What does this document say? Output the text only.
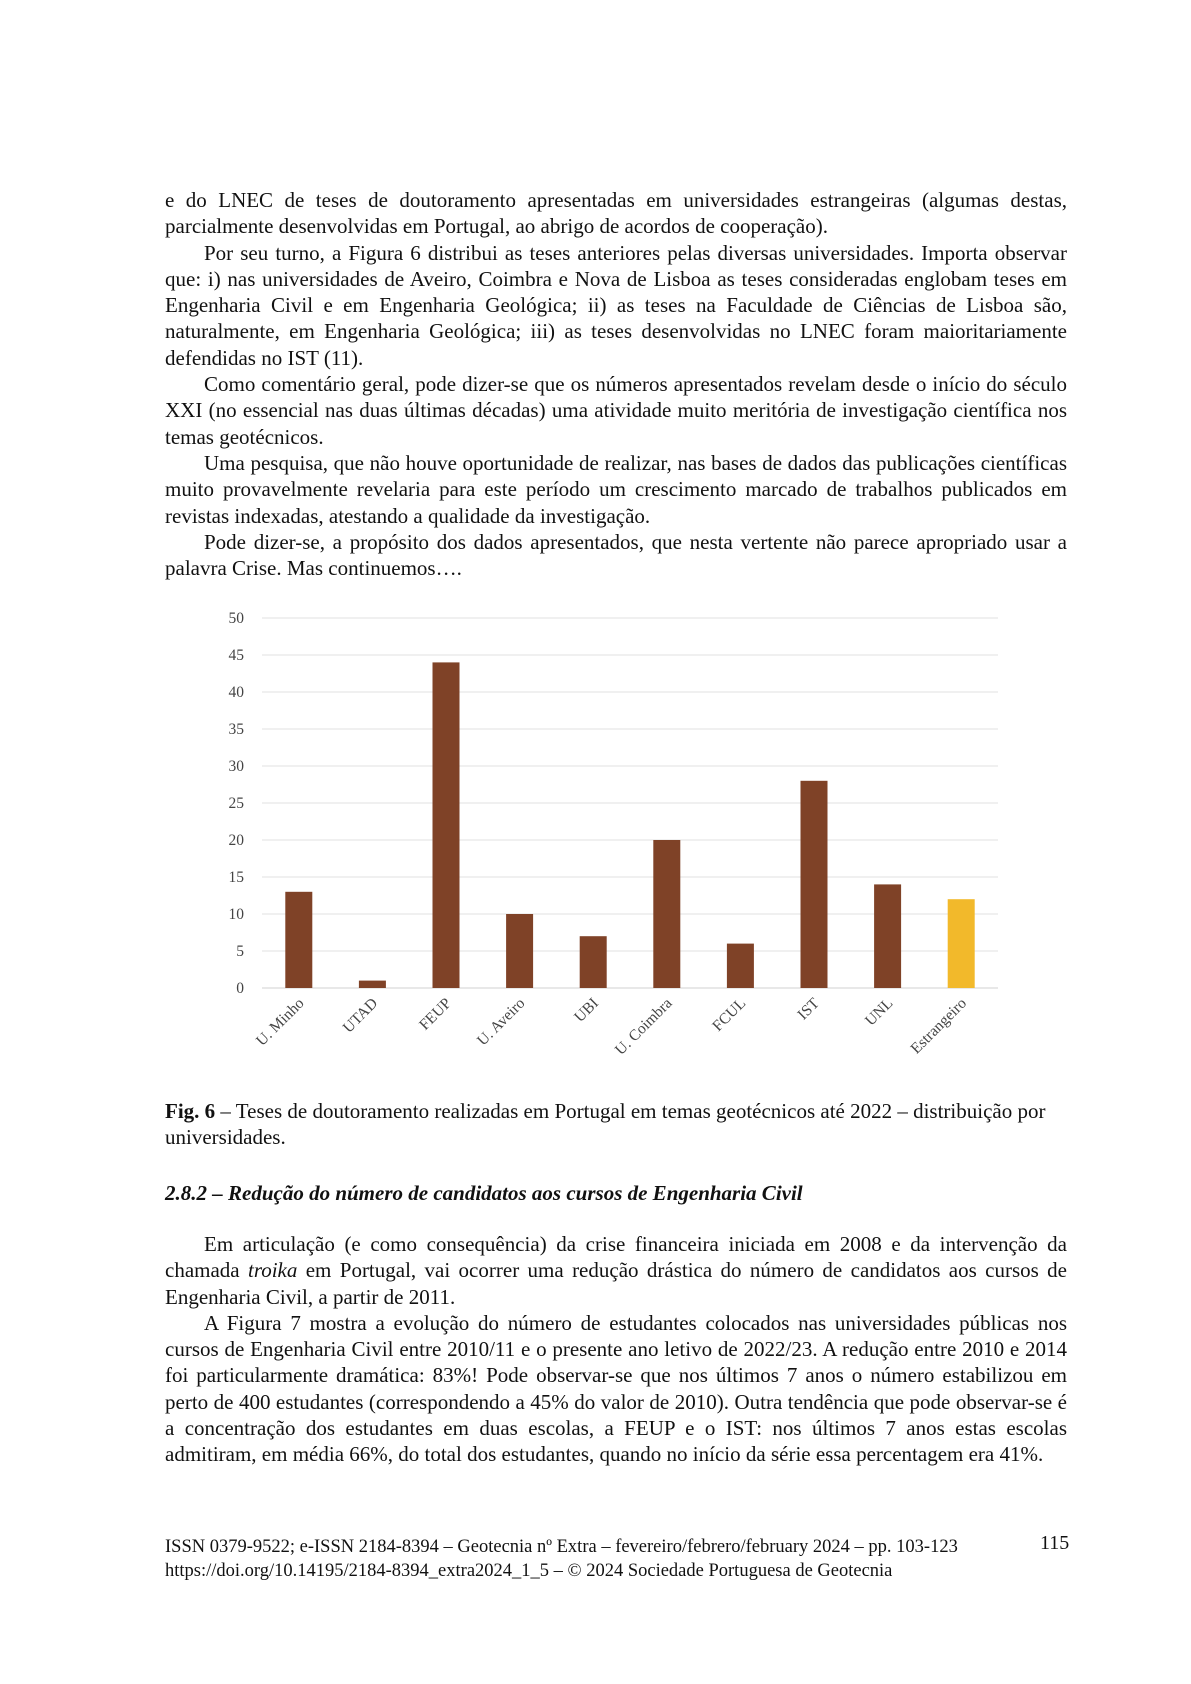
e do LNEC de teses de doutoramento apresentadas em universidades estrangeiras (algumas destas, parcialmente desenvolvidas em Portugal, ao abrigo de acordos de cooperação).

Por seu turno, a Figura 6 distribui as teses anteriores pelas diversas universidades. Importa observar que: i) nas universidades de Aveiro, Coimbra e Nova de Lisboa as teses consideradas englobam teses em Engenharia Civil e em Engenharia Geológica; ii) as teses na Faculdade de Ciências de Lisboa são, naturalmente, em Engenharia Geológica; iii) as teses desenvolvidas no LNEC foram maioritariamente defendidas no IST (11).

Como comentário geral, pode dizer-se que os números apresentados revelam desde o início do século XXI (no essencial nas duas últimas décadas) uma atividade muito meritória de investigação científica nos temas geotécnicos.

Uma pesquisa, que não houve oportunidade de realizar, nas bases de dados das publicações científicas muito provavelmente revelaria para este período um crescimento marcado de trabalhos publicados em revistas indexadas, atestando a qualidade da investigação.

Pode dizer-se, a propósito dos dados apresentados, que nesta vertente não parece apropriado usar a palavra Crise. Mas continuemos….

0
5
10
15
20
25
30
35
40
45
50
U. Minho UTAD FEUP U. Aveiro	UBI U. Coimbra FCUL	IST	UNL Estrangeiro
Fig. 6 – Teses de doutoramento realizadas em Portugal em temas geotécnicos até 2022 – distribuição por universidades.
2.8.2 – Redução do número de candidatos aos cursos de Engenharia Civil

Em articulação (e como consequência) da crise financeira iniciada em 2008 e da intervenção da chamada troika em Portugal, vai ocorrer uma redução drástica do número de candidatos aos cursos de Engenharia Civil, a partir de 2011.

A Figura 7 mostra a evolução do número de estudantes colocados nas universidades públicas nos cursos de Engenharia Civil entre 2010/11 e o presente ano letivo de 2022/23. A redução entre 2010 e 2014 foi particularmente dramática: 83%! Pode observar-se que nos últimos 7 anos o número estabilizou em perto de 400 estudantes (correspondendo a 45% do valor de 2010). Outra tendência que pode observar-se é a concentração dos estudantes em duas escolas, a FEUP e o IST: nos últimos 7 anos estas escolas admitiram, em média 66%, do total dos estudantes, quando no início da série essa percentagem era 41%.

ISSN 0379-9522; e-ISSN 2184-8394 – Geotecnia nº Extra – fevereiro/febrero/february 2024 – pp. 103-123
https://doi.org/10.14195/2184-8394_extra2024_1_5 – © 2024 Sociedade Portuguesa de Geotecnia
115
